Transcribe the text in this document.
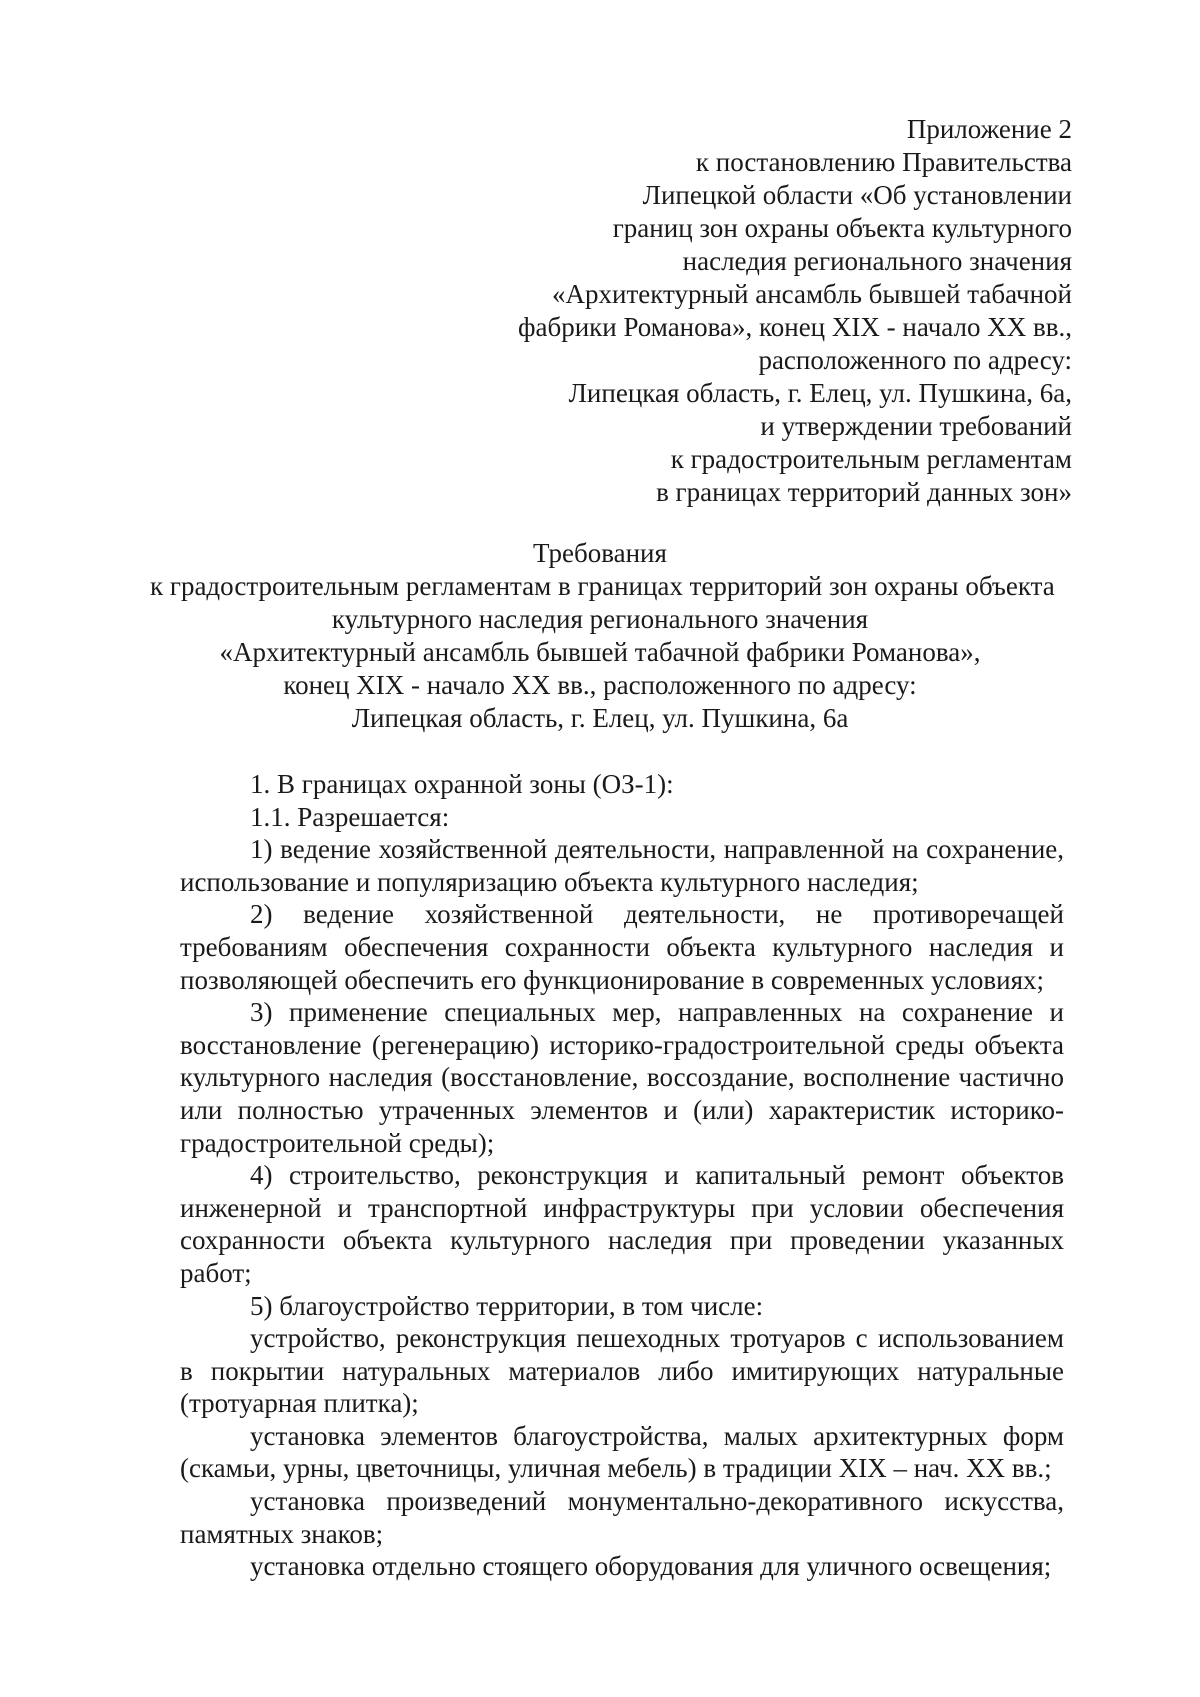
Приложение 2
к постановлению Правительства
Липецкой области «Об установлении
границ зон охраны объекта культурного
наследия регионального значения
«Архитектурный ансамбль бывшей табачной
фабрики Романова», конец XIX - начало XX вв.,
расположенного по адресу:
Липецкая область, г. Елец, ул. Пушкина, 6а,
и утверждении требований
к градостроительным регламентам
в границах территорий данных зон»
Требования
к градостроительным регламентам в границах территорий зон охраны объекта
культурного наследия регионального значения
«Архитектурный ансамбль бывшей табачной фабрики Романова»,
конец XIX - начало XX вв., расположенного по адресу:
Липецкая область, г. Елец, ул. Пушкина, 6а

1. В границах охранной зоны (ОЗ-1):

1.1. Разрешается:

1) ведение хозяйственной деятельности, направленной на сохранение, использование и популяризацию объекта культурного наследия;

2) ведение хозяйственной деятельности, не противоречащей требованиям обеспечения сохранности объекта культурного наследия и позволяющей обеспечить его функционирование в современных условиях;

3) применение специальных мер, направленных на сохранение и восстановление (регенерацию) историко-градостроительной среды объекта культурного наследия (восстановление, воссоздание, восполнение частично или полностью утраченных элементов и (или) характеристик историко-градостроительной среды);

4) строительство, реконструкция и капитальный ремонт объектов инженерной и транспортной инфраструктуры при условии обеспечения сохранности объекта культурного наследия при проведении указанных работ;

5) благоустройство территории, в том числе:

устройство, реконструкция пешеходных тротуаров с использованием в покрытии натуральных материалов либо имитирующих натуральные (тротуарная плитка);

установка элементов благоустройства, малых архитектурных форм (скамьи, урны, цветочницы, уличная мебель) в традиции XIX – нач. XX вв.;

установка произведений монументально-декоративного искусства, памятных знаков;

установка отдельно стоящего оборудования для уличного освещения;
